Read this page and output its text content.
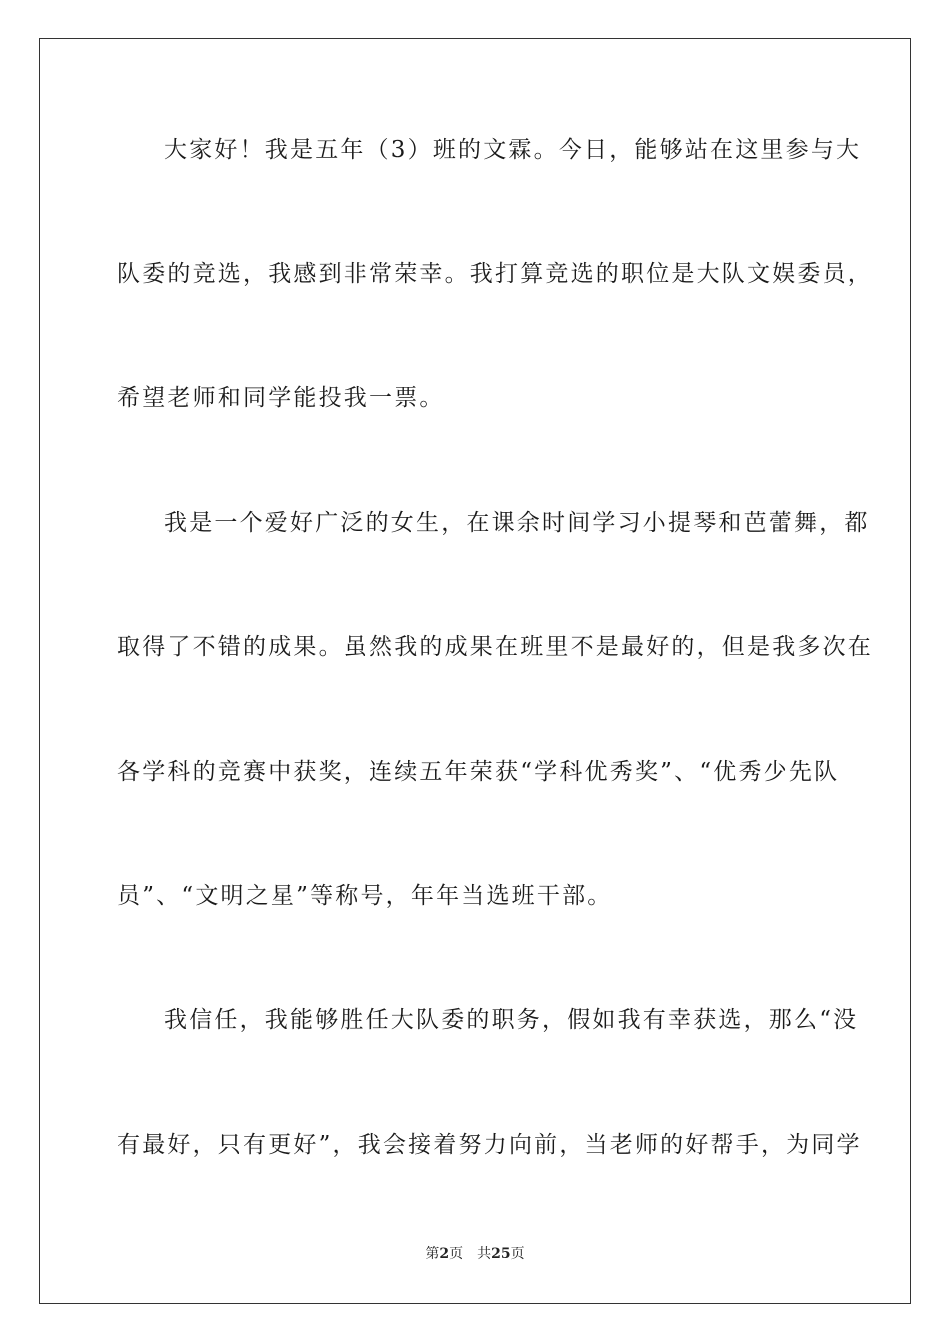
大家好！我是五年（3）班的文霖。今日，能够站在这里参与大
队委的竞选，我感到非常荣幸。我打算竞选的职位是大队文娱委员，
希望老师和同学能投我一票。
我是一个爱好广泛的女生，在课余时间学习小提琴和芭蕾舞，都
取得了不错的成果。虽然我的成果在班里不是最好的，但是我多次在
各学科的竞赛中获奖，连续五年荣获“学科优秀奖”、“优秀少先队
员”、“文明之星”等称号，年年当选班干部。
我信任，我能够胜任大队委的职务，假如我有幸获选，那么“没
有最好，只有更好”，我会接着努力向前，当老师的好帮手，为同学
第2页 共25页
